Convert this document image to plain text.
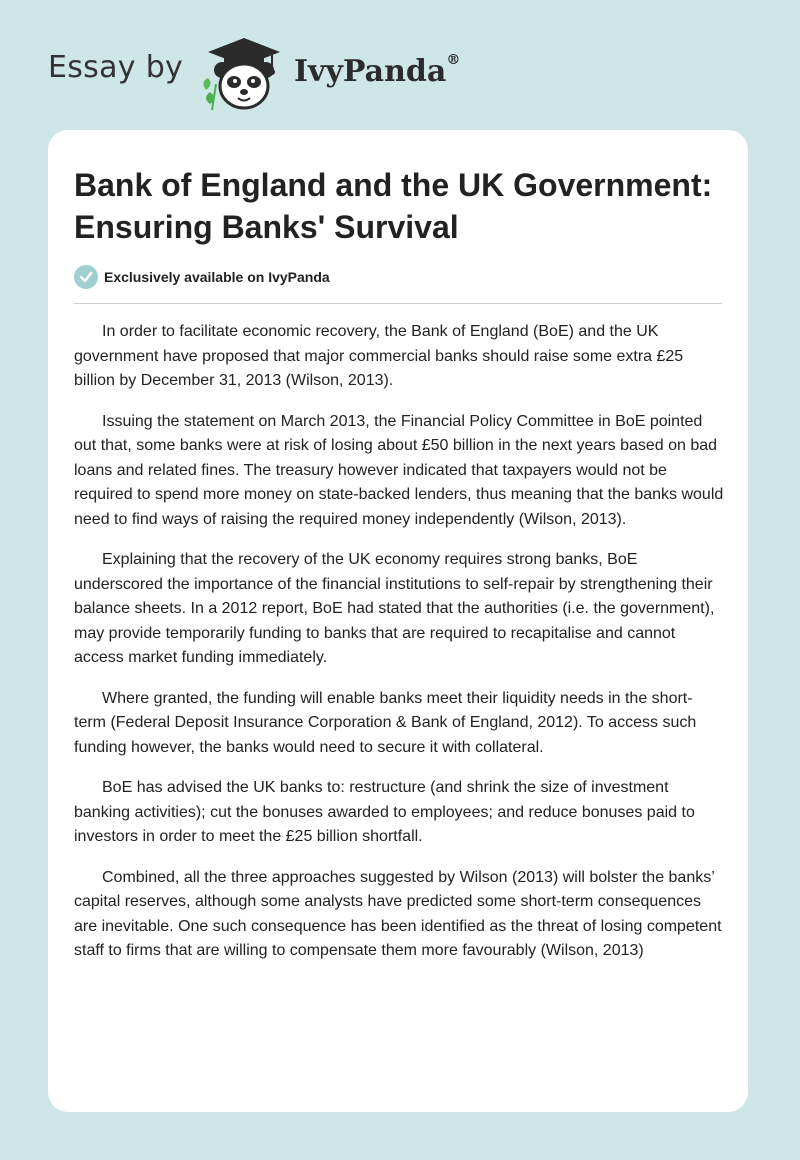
Essay by	IvyPanda®
Bank of England and the UK Government: Ensuring Banks' Survival
Exclusively available on IvyPanda

In order to facilitate economic recovery, the Bank of England (BoE) and the UK government have proposed that major commercial banks should raise some extra £25 billion by December 31, 2013 (Wilson, 2013).

Issuing the statement on March 2013, the Financial Policy Committee in BoE pointed out that, some banks were at risk of losing about £50 billion in the next years based on bad loans and related fines. The treasury however indicated that taxpayers would not be required to spend more money on state-backed lenders, thus meaning that the banks would need to find ways of raising the required money independently (Wilson, 2013).

Explaining that the recovery of the UK economy requires strong banks, BoE underscored the importance of the financial institutions to self-repair by strengthening their balance sheets. In a 2012 report, BoE had stated that the authorities (i.e. the government), may provide temporarily funding to banks that are required to recapitalise and cannot access market funding immediately.

Where granted, the funding will enable banks meet their liquidity needs in the short-term (Federal Deposit Insurance Corporation & Bank of England, 2012). To access such funding however, the banks would need to secure it with collateral.

BoE has advised the UK banks to: restructure (and shrink the size of investment banking activities); cut the bonuses awarded to employees; and reduce bonuses paid to investors in order to meet the £25 billion shortfall.

Combined, all the three approaches suggested by Wilson (2013) will bolster the banks’ capital reserves, although some analysts have predicted some short-term consequences are inevitable. One such consequence has been identified as the threat of losing competent staff to firms that are willing to compensate them more favourably (Wilson, 2013)
